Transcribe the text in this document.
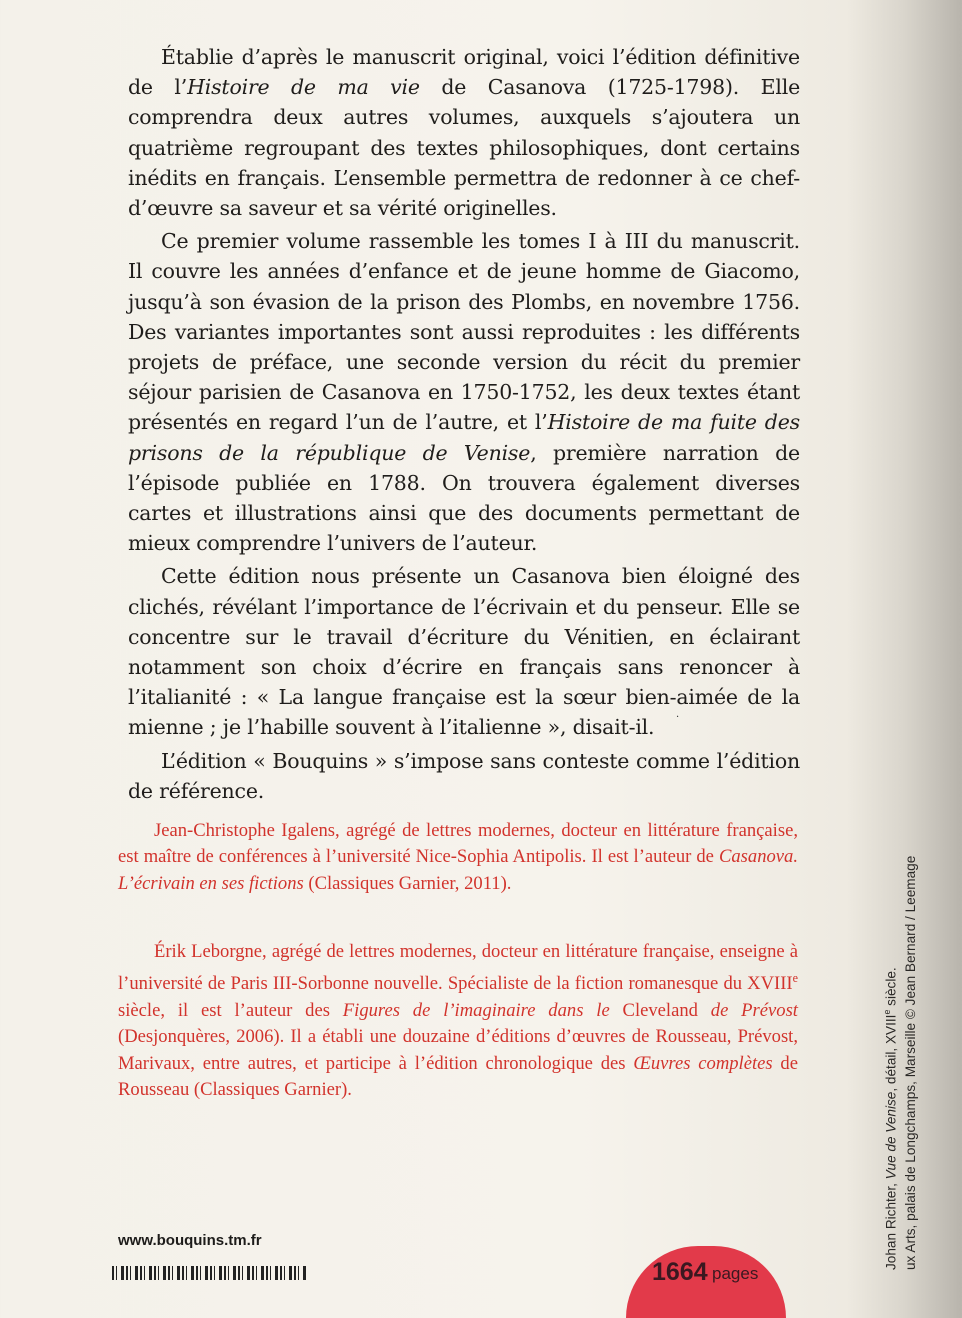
Établie d’après le manuscrit original, voici l’édition définitive de l’Histoire de ma vie de Casanova (1725-1798). Elle comprendra deux autres volumes, auxquels s’ajoutera un quatrième regroupant des textes philosophiques, dont certains inédits en français. L’ensemble permettra de redonner à ce chef-d’œuvre sa saveur et sa vérité originelles.

Ce premier volume rassemble les tomes I à III du manuscrit. Il couvre les années d’enfance et de jeune homme de Giacomo, jusqu’à son évasion de la prison des Plombs, en novembre 1756. Des variantes importantes sont aussi reproduites : les différents projets de préface, une seconde version du récit du premier séjour parisien de Casanova en 1750-1752, les deux textes étant présentés en regard l’un de l’autre, et l’Histoire de ma fuite des prisons de la république de Venise, première narration de l’épisode publiée en 1788. On trouvera également diverses cartes et illustrations ainsi que des documents permettant de mieux comprendre l’univers de l’auteur.

Cette édition nous présente un Casanova bien éloigné des clichés, révélant l’importance de l’écrivain et du penseur. Elle se concentre sur le travail d’écriture du Vénitien, en éclairant notamment son choix d’écrire en français sans renoncer à l’italianité : « La langue française est la sœur bien-aimée de la mienne ; je l’habille souvent à l’italienne », disait-il.

L’édition « Bouquins » s’impose sans conteste comme l’édition de référence.

Jean-Christophe Igalens, agrégé de lettres modernes, docteur en littérature française, est maître de conférences à l’université Nice-Sophia Antipolis. Il est l’auteur de Casanova. L’écrivain en ses fictions (Classiques Garnier, 2011).

Érik Leborgne, agrégé de lettres modernes, docteur en littérature française, enseigne à l’université de Paris III-Sorbonne nouvelle. Spécialiste de la fiction romanesque du XVIIIe siècle, il est l’auteur des Figures de l’imaginaire dans le Cleveland de Prévost (Desjonquères, 2006). Il a établi une douzaine d’éditions d’œuvres de Rousseau, Prévost, Marivaux, entre autres, et participe à l’édition chronologique des Œuvres complètes de Rousseau (Classiques Garnier).

www.bouquins.tm.fr
1664 pages
Johan Richter, Vue de Venise, détail, XVIIIe siècle. ux Arts, palais de Longchamps, Marseille © Jean Bernard / Leemage
·
